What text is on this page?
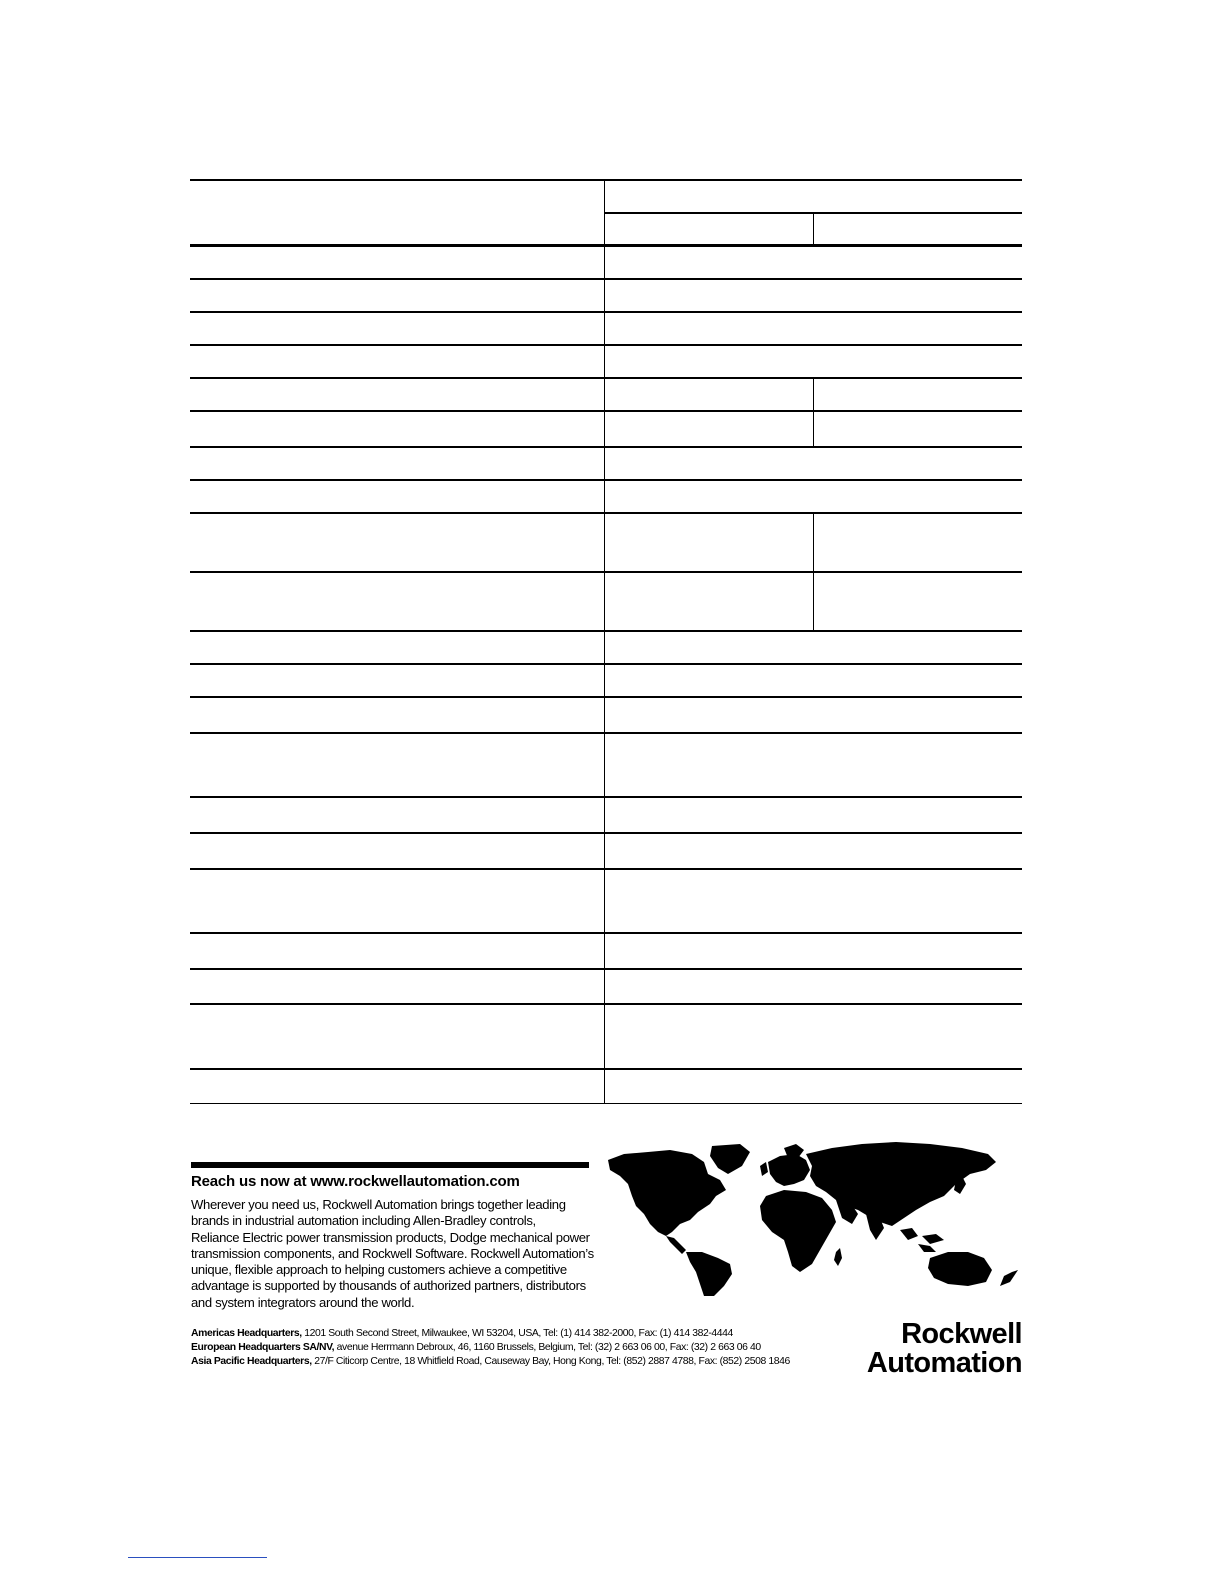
Reach us now at www.rockwellautomation.com
Wherever you need us, Rockwell Automation brings together leading
brands in industrial automation including Allen-Bradley controls,
Reliance Electric power transmission products, Dodge mechanical power
transmission components, and Rockwell Software. Rockwell Automation’s
unique, flexible approach to helping customers achieve a competitive
advantage is supported by thousands of authorized partners, distributors
and system integrators around the world.
Americas Headquarters, 1201 South Second Street, Milwaukee, WI 53204, USA, Tel: (1) 414 382-2000, Fax: (1) 414 382-4444
European Headquarters SA/NV, avenue Herrmann Debroux, 46, 1160 Brussels, Belgium, Tel: (32) 2 663 06 00, Fax: (32) 2 663 06 40
Asia Pacific Headquarters, 27/F Citicorp Centre, 18 Whitfield Road, Causeway Bay, Hong Kong, Tel: (852) 2887 4788, Fax: (852) 2508 1846
Rockwell
Automation
